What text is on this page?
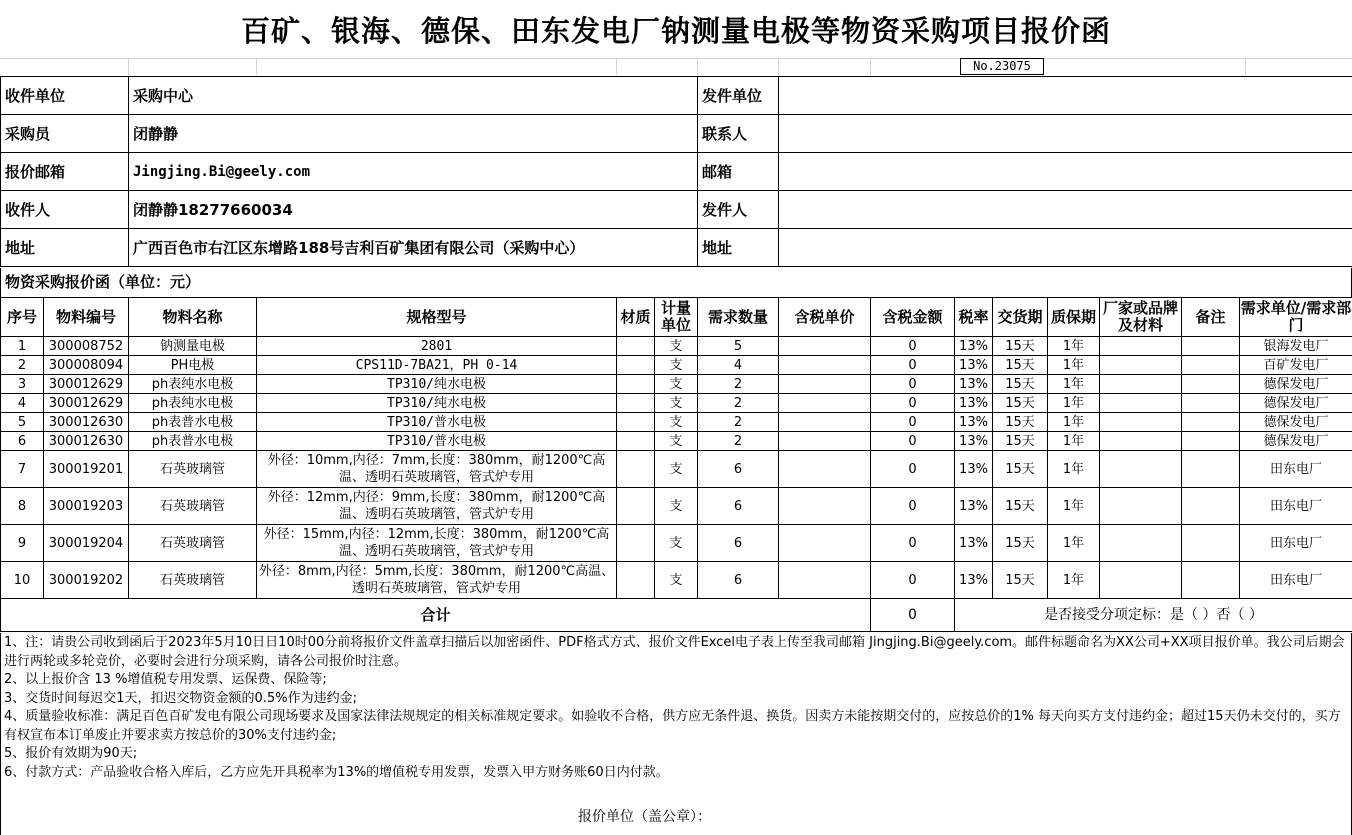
百矿、银海、德保、田东发电厂钠测量电极等物资采购项目报价函
No.23075
收件单位	采购中心	发件单位	
采购员	闭静静	联系人	
报价邮箱	Jingjing.Bi@geely.com	邮箱	
收件人	闭静静18277660034	发件人	
地址	广西百色市右江区东增路188号吉利百矿集团有限公司（采购中心）	地址	
物资采购报价函（单位：元）
序号	物料编号	物料名称	规格型号	材质	计量单位	需求数量	含税单价	含税金额	税率	交货期	质保期	厂家或品牌及材料	备注	需求单位/需求部门
1	300008752	钠测量电极	2801		支	5		0	13%	15天	1年			银海发电厂
2	300008094	PH电极	CPS11D-7BA21，PH 0-14		支	4		0	13%	15天	1年			百矿发电厂
3	300012629	ph表纯水电极	TP310/纯水电极		支	2		0	13%	15天	1年			德保发电厂
4	300012629	ph表纯水电极	TP310/纯水电极		支	2		0	13%	15天	1年			德保发电厂
5	300012630	ph表普水电极	TP310/普水电极		支	2		0	13%	15天	1年			德保发电厂
6	300012630	ph表普水电极	TP310/普水电极		支	2		0	13%	15天	1年			德保发电厂
7	300019201	石英玻璃管	外径：10mm,内径：7mm,长度：380mm，耐1200℃高温、透明石英玻璃管，管式炉专用		支	6		0	13%	15天	1年			田东电厂
8	300019203	石英玻璃管	外径：12mm,内径：9mm,长度：380mm，耐1200℃高温、透明石英玻璃管，管式炉专用		支	6		0	13%	15天	1年			田东电厂
9	300019204	石英玻璃管	外径：15mm,内径：12mm,长度：380mm，耐1200℃高温、透明石英玻璃管，管式炉专用		支	6		0	13%	15天	1年			田东电厂
10	300019202	石英玻璃管	外径：8mm,内径：5mm,长度：380mm，耐1200℃高温、透明石英玻璃管，管式炉专用		支	6		0	13%	15天	1年			田东电厂
合计								0	是否接受分项定标：是（ ）否（ ）					

1、注：请贵公司收到函后于2023年5月10日日10时00分前将报价文件盖章扫描后以加密函件、PDF格式方式、报价文件Excel电子表上传至我司邮箱 Jingjing.Bi@geely.com。邮件标题命名为XX公司+XX项目报价单。我公司后期会进行两轮或多轮竞价，必要时会进行分项采购，请各公司报价时注意。

2、以上报价含 13 %增值税专用发票、运保费、保险等;

3、交货时间每迟交1天，扣迟交物资金额的0.5%作为违约金;

4、质量验收标准：满足百色百矿发电有限公司现场要求及国家法律法规规定的相关标准规定要求。如验收不合格，供方应无条件退、换货。因卖方未能按期交付的，应按总价的1% 每天向买方支付违约金；超过15天仍未交付的，买方有权宣布本订单废止并要求卖方按总价的30%支付违约金;

5、报价有效期为90天;

6、付款方式：产品验收合格入库后，乙方应先开具税率为13%的增值税专用发票，发票入甲方财务账60日内付款。

报价单位（盖公章）：
